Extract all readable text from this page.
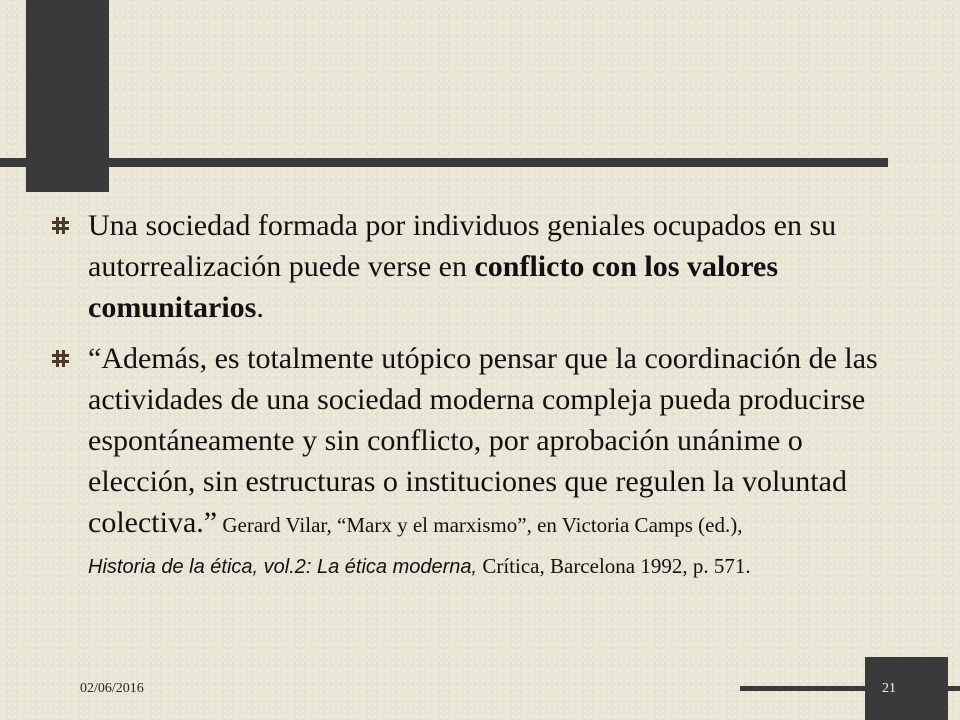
Una sociedad formada por individuos geniales ocupados en su autorrealización puede verse en conflicto con los valores comunitarios.
“Además, es totalmente utópico pensar que la coordinación de las actividades de una sociedad moderna compleja pueda producirse espontáneamente y sin conflicto, por aprobación unánime o elección, sin estructuras o instituciones que regulen la voluntad colectiva.” Gerard Vilar, “Marx y el marxismo”, en Victoria Camps (ed.),
Historia de la ética, vol.2: La ética moderna, Crítica, Barcelona 1992, p. 571.
02/06/2016	21
